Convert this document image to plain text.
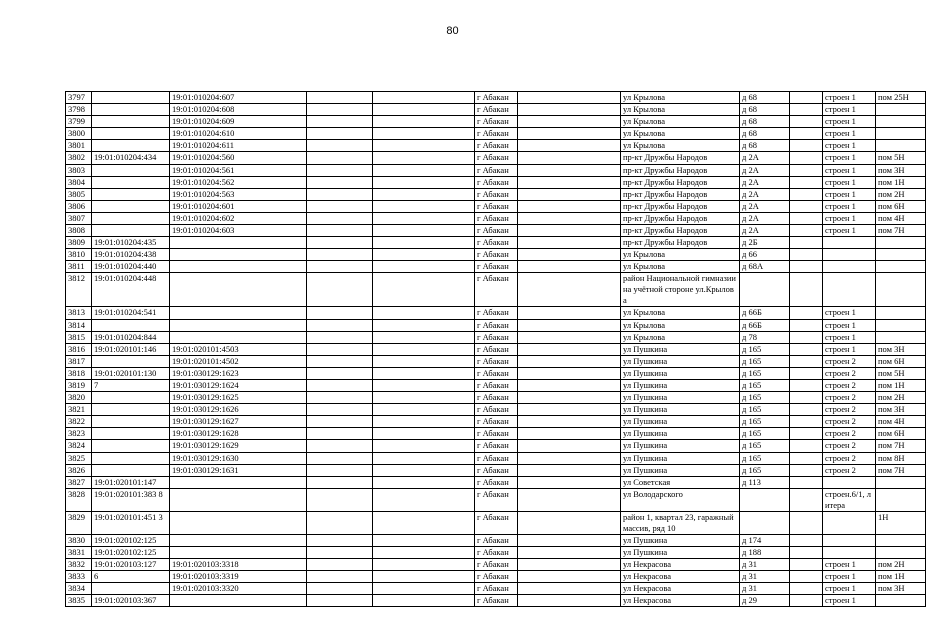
80
3797		19:01:010204:607			г Абакан		ул Крылова	д 68		строен 1	пом 25Н
3798		19:01:010204:608			г Абакан		ул Крылова	д 68		строен 1	
3799		19:01:010204:609			г Абакан		ул Крылова	д 68		строен 1	
3800		19:01:010204:610			г Абакан		ул Крылова	д 68		строен 1	
3801		19:01:010204:611			г Абакан		ул Крылова	д 68		строен 1	
3802	19:01:010204:434	19:01:010204:560			г Абакан		пр-кт Дружбы Народов	д 2А		строен 1	пом 5Н
3803		19:01:010204:561			г Абакан		пр-кт Дружбы Народов	д 2А		строен 1	пом 3Н
3804		19:01:010204:562			г Абакан		пр-кт Дружбы Народов	д 2А		строен 1	пом 1Н
3805		19:01:010204:563			г Абакан		пр-кт Дружбы Народов	д 2А		строен 1	пом 2Н
3806		19:01:010204:601			г Абакан		пр-кт Дружбы Народов	д 2А		строен 1	пом 6Н
3807		19:01:010204:602			г Абакан		пр-кт Дружбы Народов	д 2А		строен 1	пом 4Н
3808		19:01:010204:603			г Абакан		пр-кт Дружбы Народов	д 2А		строен 1	пом 7Н
3809	19:01:010204:435				г Абакан		пр-кт Дружбы Народов	д 2Б			
3810	19:01:010204:438				г Абакан		ул Крылова	д 66			
3811	19:01:010204:440				г Абакан		ул Крылова	д 68А			
3812	19:01:010204:448				г Абакан		район Национальной гимназии на учётной стороне ул.Крылова				
3813	19:01:010204:541				г Абакан		ул Крылова	д 66Б		строен 1	
3814					г Абакан		ул Крылова	д 66Б		строен 1	
3815	19:01:010204:844				г Абакан		ул Крылова	д 78		строен 1	
3816	19:01:020101:146	19:01:020101:4503			г Абакан		ул Пушкина	д 165		строен 1	пом 3Н
3817		19:01:020101:4502			г Абакан		ул Пушкина	д 165		строен 2	пом 6Н
3818	19:01:020101:130	19:01:030129:1623			г Абакан		ул Пушкина	д 165		строен 2	пом 5Н
3819	7	19:01:030129:1624			г Абакан		ул Пушкина	д 165		строен 2	пом 1Н
3820		19:01:030129:1625			г Абакан		ул Пушкина	д 165		строен 2	пом 2Н
3821		19:01:030129:1626			г Абакан		ул Пушкина	д 165		строен 2	пом 3Н
3822		19:01:030129:1627			г Абакан		ул Пушкина	д 165		строен 2	пом 4Н
3823		19:01:030129:1628			г Абакан		ул Пушкина	д 165		строен 2	пом 6Н
3824		19:01:030129:1629			г Абакан		ул Пушкина	д 165		строен 2	пом 7Н
3825		19:01:030129:1630			г Абакан		ул Пушкина	д 165		строен 2	пом 8Н
3826		19:01:030129:1631			г Абакан		ул Пушкина	д 165		строен 2	пом 7Н
3827	19:01:020101:147				г Абакан		ул Советская	д 113			
3828	19:01:020101:383 8				г Абакан		ул Володарского			строен.6/1, литера	
3829	19:01:020101:451 3				г Абакан		район 1, квартал 23, гаражный массив, ряд 10				1Н
3830	19:01:020102:125				г Абакан		ул Пушкина	д 174			
3831	19:01:020102:125				г Абакан		ул Пушкина	д 188			
3832	19:01:020103:127	19:01:020103:3318			г Абакан		ул Некрасова	д 31		строен 1	пом 2Н
3833	6	19:01:020103:3319			г Абакан		ул Некрасова	д 31		строен 1	пом 1Н
3834		19:01:020103:3320			г Абакан		ул Некрасова	д 31		строен 1	пом 3Н
3835	19:01:020103:367				г Абакан		ул Некрасова	д 29		строен 1	
